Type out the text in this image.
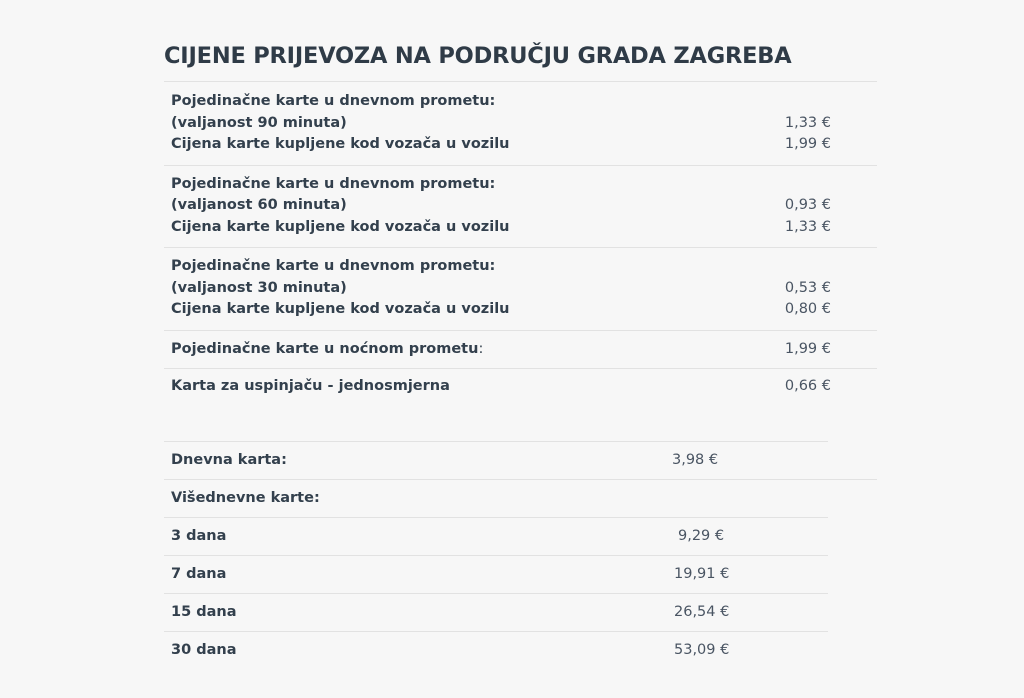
CIJENE PRIJEVOZA NA PODRUČJU GRADA ZAGREBA
Pojedinačne karte u dnevnom prometu:
(valjanost 90 minuta)	1,33 €
Cijena karte kupljene kod vozača u vozilu	1,99 €
Pojedinačne karte u dnevnom prometu:
(valjanost 60 minuta)	0,93 €
Cijena karte kupljene kod vozača u vozilu	1,33 €
Pojedinačne karte u dnevnom prometu:
(valjanost 30 minuta)	0,53 €
Cijena karte kupljene kod vozača u vozilu	0,80 €
Pojedinačne karte u noćnom prometu:	1,99 €
Karta za uspinjaču - jednosmjerna	0,66 €
Dnevna karta:	3,98 €
Višednevne karte:
3 dana	9,29 €
7 dana	19,91 €
15 dana	26,54 €
30 dana	53,09 €
